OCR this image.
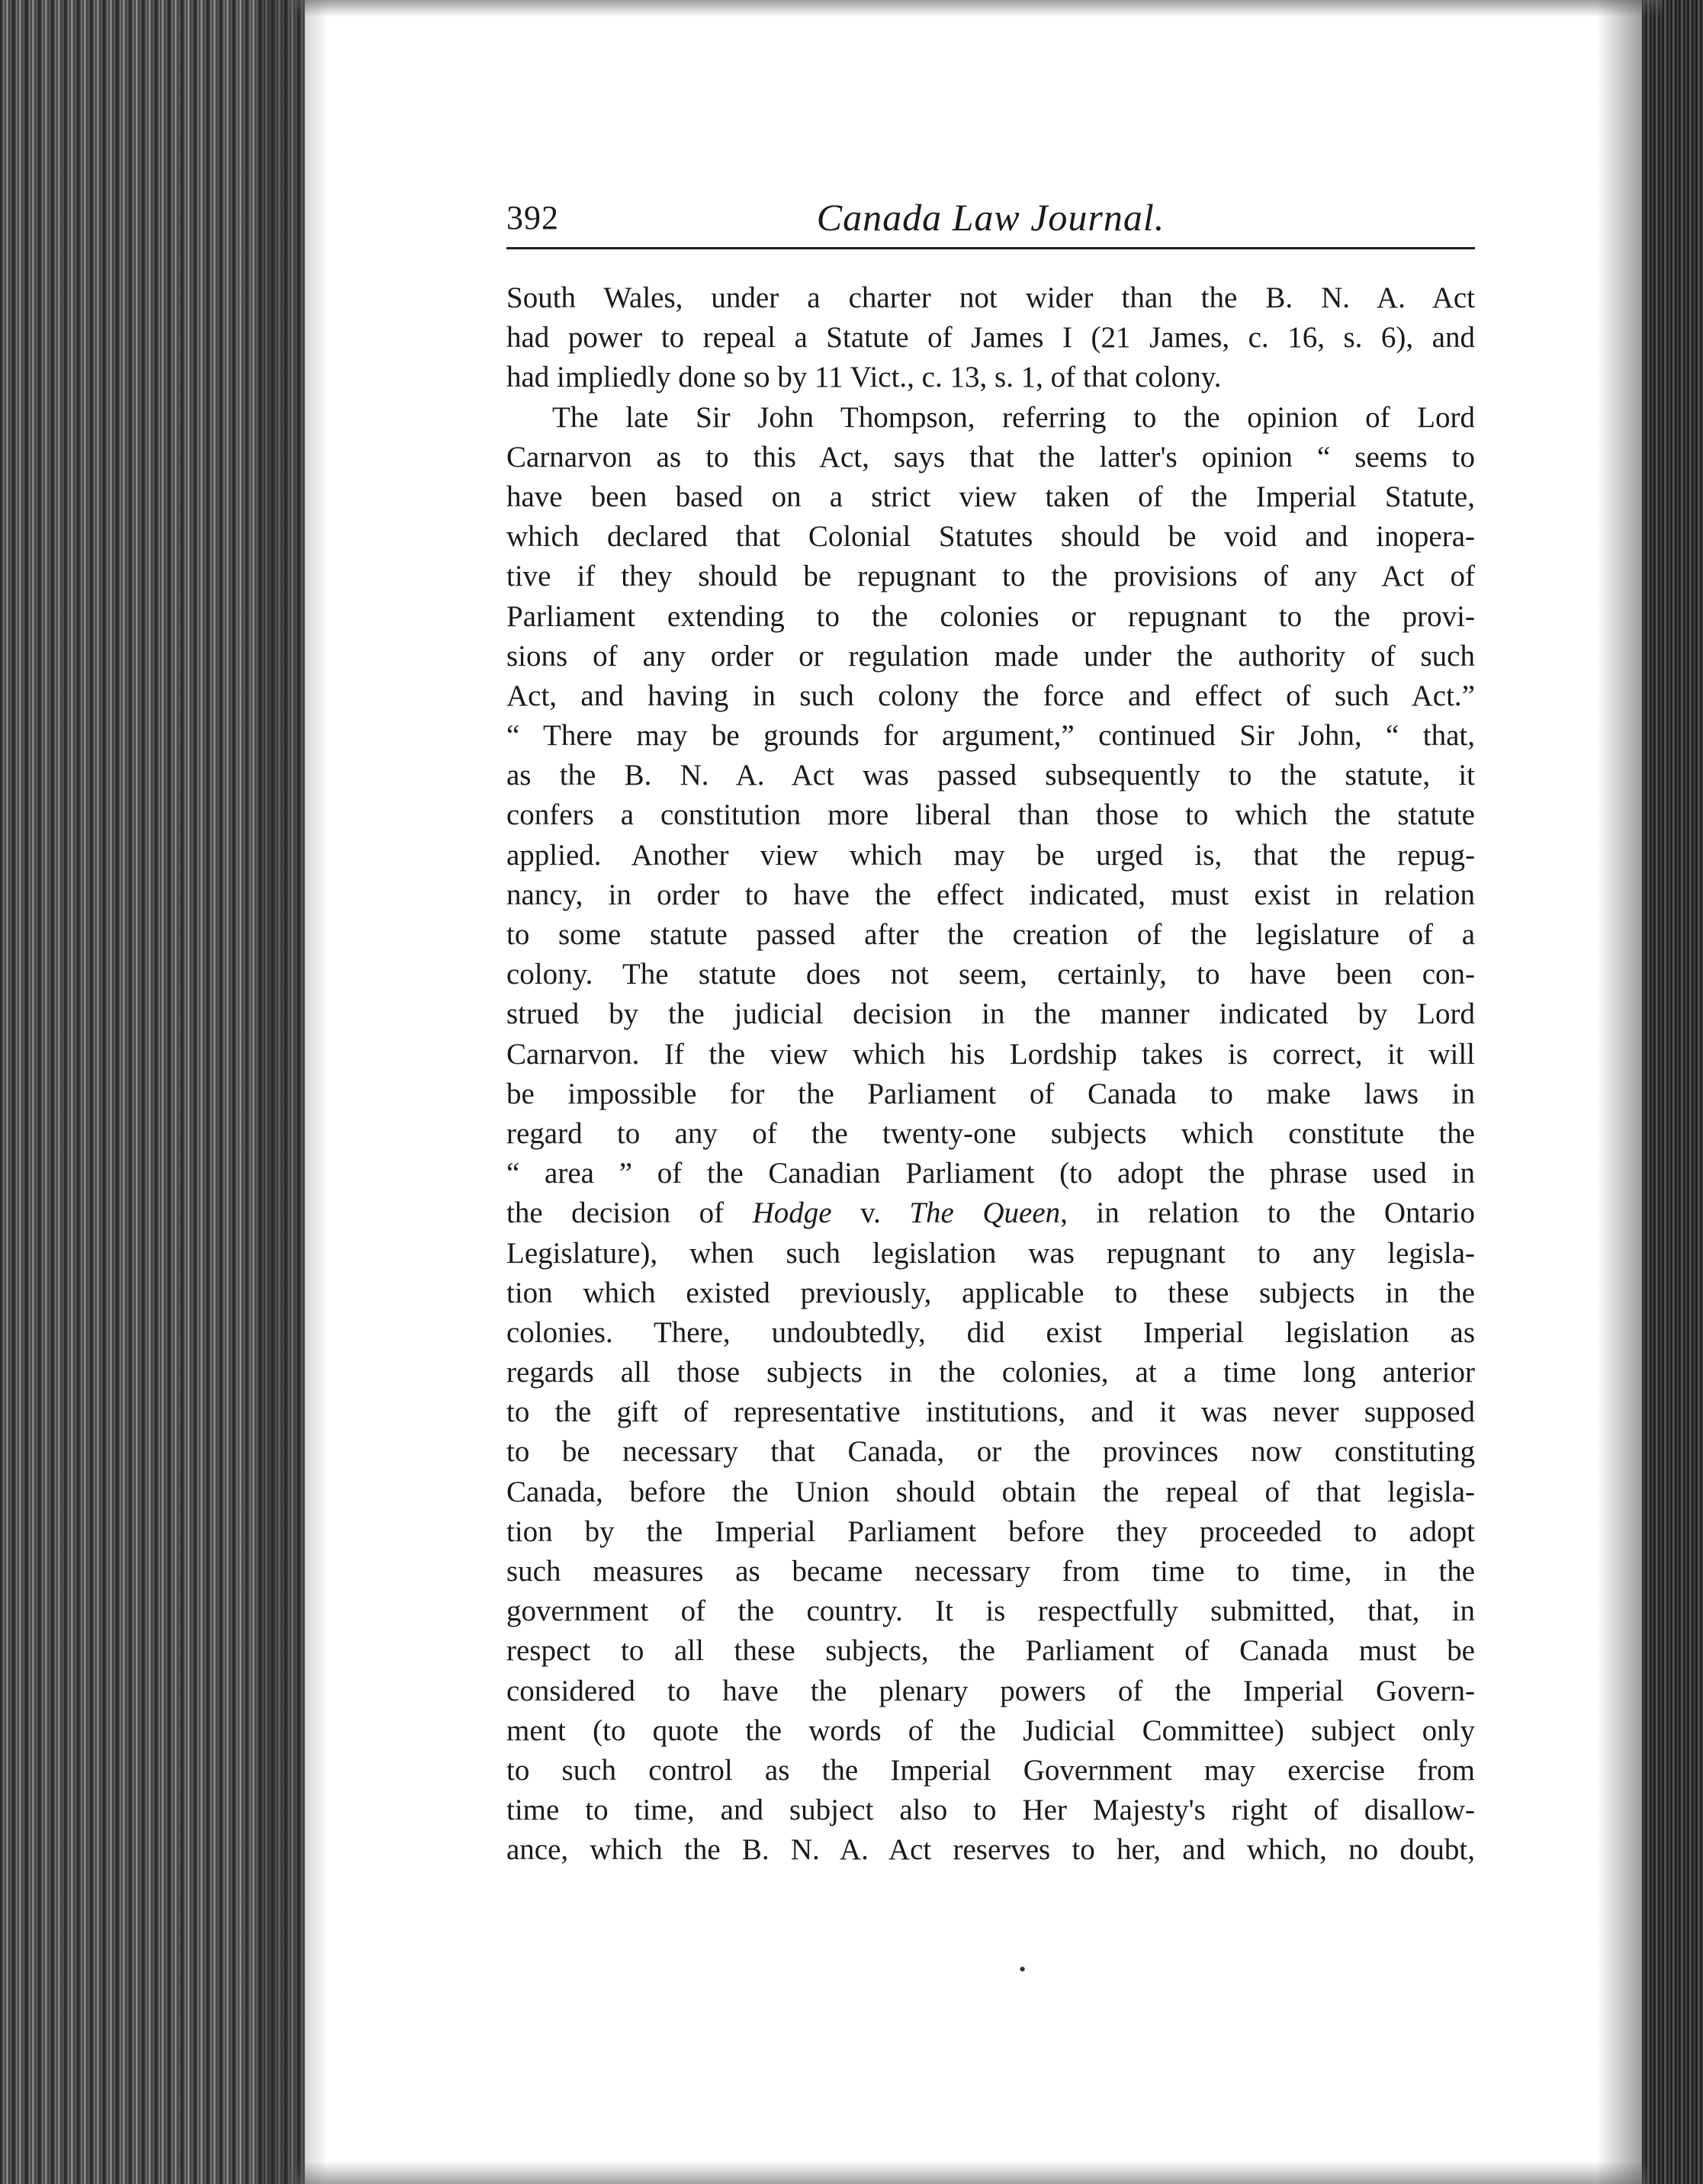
392	Canada Law Journal.
South Wales, under a charter not wider than the B. N. A. Act
had power to repeal a Statute of James I (21 James, c. 16, s. 6), and
had impliedly done so by 11 Vict., c. 13, s. 1, of that colony.
The late Sir John Thompson, referring to the opinion of Lord
Carnarvon as to this Act, says that the latter's opinion “ seems to
have been based on a strict view taken of the Imperial Statute,
which declared that Colonial Statutes should be void and inopera-
tive if they should be repugnant to the provisions of any Act of
Parliament extending to the colonies or repugnant to the provi-
sions of any order or regulation made under the authority of such
Act, and having in such colony the force and effect of such Act.”
“ There may be grounds for argument,” continued Sir John, “ that,
as the B. N. A. Act was passed subsequently to the statute, it
confers a constitution more liberal than those to which the statute
applied. Another view which may be urged is, that the repug-
nancy, in order to have the effect indicated, must exist in relation
to some statute passed after the creation of the legislature of a
colony. The statute does not seem, certainly, to have been con-
strued by the judicial decision in the manner indicated by Lord
Carnarvon. If the view which his Lordship takes is correct, it will
be impossible for the Parliament of Canada to make laws in
regard to any of the twenty-one subjects which constitute the
“ area ” of the Canadian Parliament (to adopt the phrase used in
the decision of Hodge v. The Queen, in relation to the Ontario
Legislature), when such legislation was repugnant to any legisla-
tion which existed previously, applicable to these subjects in the
colonies. There, undoubtedly, did exist Imperial legislation as
regards all those subjects in the colonies, at a time long anterior
to the gift of representative institutions, and it was never supposed
to be necessary that Canada, or the provinces now constituting
Canada, before the Union should obtain the repeal of that legisla-
tion by the Imperial Parliament before they proceeded to adopt
such measures as became necessary from time to time, in the
government of the country. It is respectfully submitted, that, in
respect to all these subjects, the Parliament of Canada must be
considered to have the plenary powers of the Imperial Govern-
ment (to quote the words of the Judicial Committee) subject only
to such control as the Imperial Government may exercise from
time to time, and subject also to Her Majesty's right of disallow-
ance, which the B. N. A. Act reserves to her, and which, no doubt,
•
